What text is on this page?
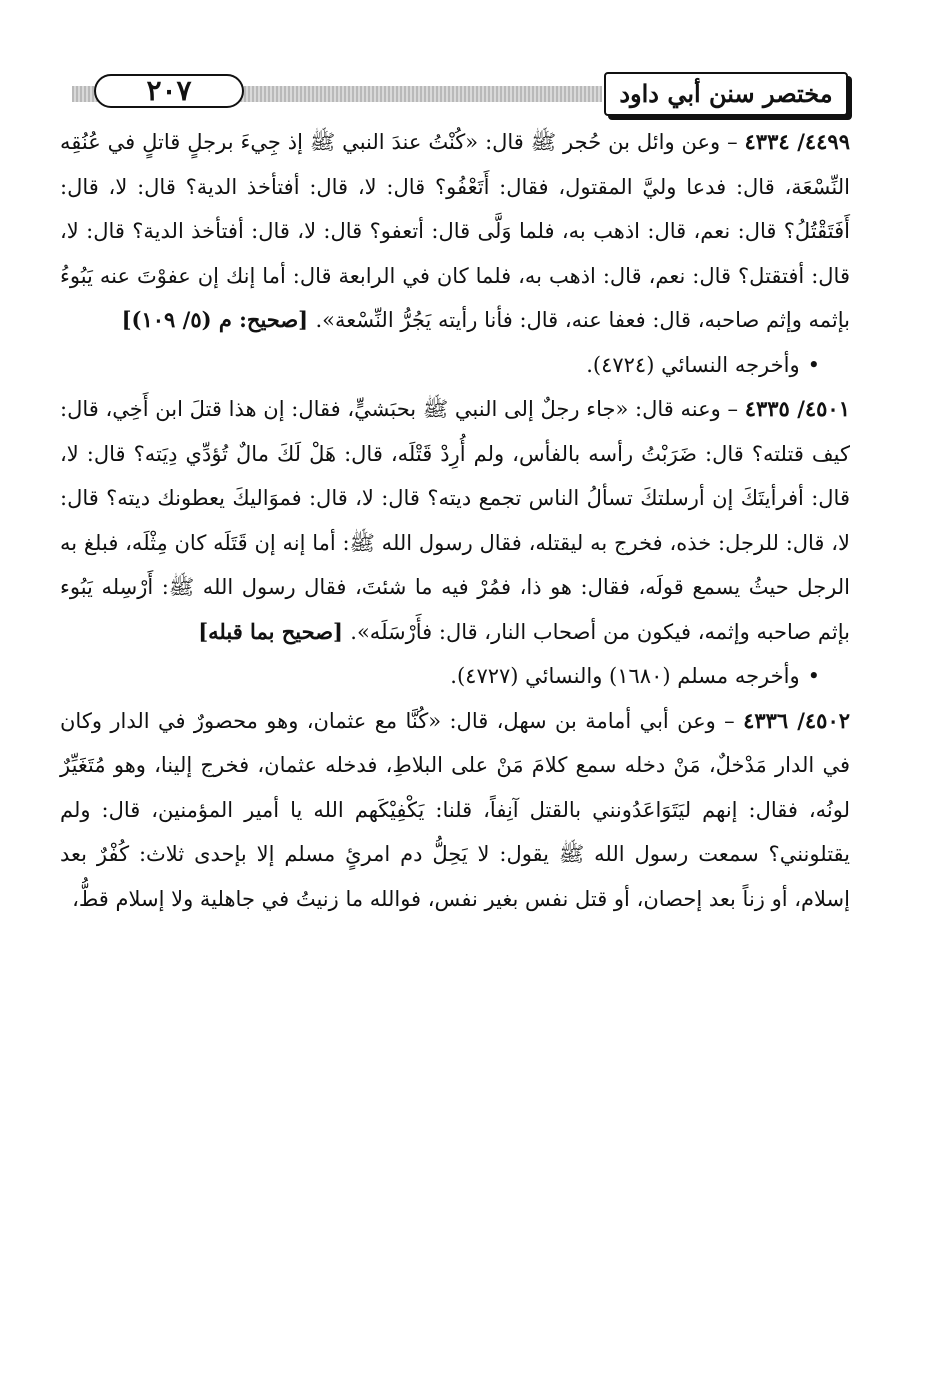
٢٠٧	مختصر سنن أبي داود

٤٤٩٩/ ٤٣٣٤ – وعن وائل بن حُجر ﷺ قال: «كُنْتُ عندَ النبي ﷺ إذ جِيءَ برجلٍ قاتلٍ في عُنُقِه النِّسْعَة، قال: فدعا وليَّ المقتول، فقال: أَتَعْفُو؟ قال: لا، قال: أفتأخذ الدية؟ قال: لا، قال: أَفَتَقْتُلُ؟ قال: نعم، قال: اذهب به، فلما وَلَّى قال: أتعفو؟ قال: لا، قال: أفتأخذ الدية؟ قال: لا، قال: أفتقتل؟ قال: نعم، قال: اذهب به، فلما كان في الرابعة قال: أما إنك إن عفوْتَ عنه يَبُوءُ بإثمه وإثم صاحبه، قال: فعفا عنه، قال: فأنا رأيته يَجُرُّ النِّسْعة». [صحيح: م (٥/ ١٠٩)]

• وأخرجه النسائي (٤٧٢٤).

٤٥٠١/ ٤٣٣٥ – وعنه قال: «جاء رجلٌ إلى النبي ﷺ بحبَشيٍّ، فقال: إن هذا قتلَ ابن أَخِي، قال: كيف قتلته؟ قال: ضَرَبْتُ رأسه بالفأس، ولم أُرِدْ قَتْلَه، قال: هَلْ لَكَ مالٌ تُؤدِّي دِيَته؟ قال: لا، قال: أفرأيتَكَ إن أرسلتكَ تسألُ الناس تجمع ديته؟ قال: لا، قال: فموَاليكَ يعطونك ديته؟ قال: لا، قال: للرجل: خذه، فخرج به ليقتله، فقال رسول الله ﷺ: أما إنه إن قَتَلَه كان مِثْلَه، فبلغ به الرجل حيثُ يسمع قولَه، فقال: هو ذا، فمُرْ فيه ما شئتَ، فقال رسول الله ﷺ: أَرْسِله يَبُوء بإثم صاحبه وإثمه، فيكون من أصحاب النار، قال: فأَرْسَلَه». [صحيح بما قبله]

• وأخرجه مسلم (١٦٨٠) والنسائي (٤٧٢٧).

٤٥٠٢/ ٤٣٣٦ – وعن أبي أمامة بن سهل، قال: «كُنَّا مع عثمان، وهو محصورٌ في الدار وكان في الدار مَدْخلٌ، مَنْ دخله سمع كلامَ مَنْ على البلاطِ، فدخله عثمان، فخرج إلينا، وهو مُتَغَيِّرٌ لونُه، فقال: إنهم ليَتَوَاعَدُونني بالقتل آنِفاً، قلنا: يَكْفِيْكَهم الله يا أمير المؤمنين، قال: ولم يقتلونني؟ سمعت رسول الله ﷺ يقول: لا يَحِلُّ دم امرئٍ مسلم إلا بإحدى ثلاث: كُفْرٌ بعد إسلام، أو زناً بعد إحصان، أو قتل نفس بغير نفس، فوالله ما زنيتُ في جاهلية ولا إسلام قطُّ،
